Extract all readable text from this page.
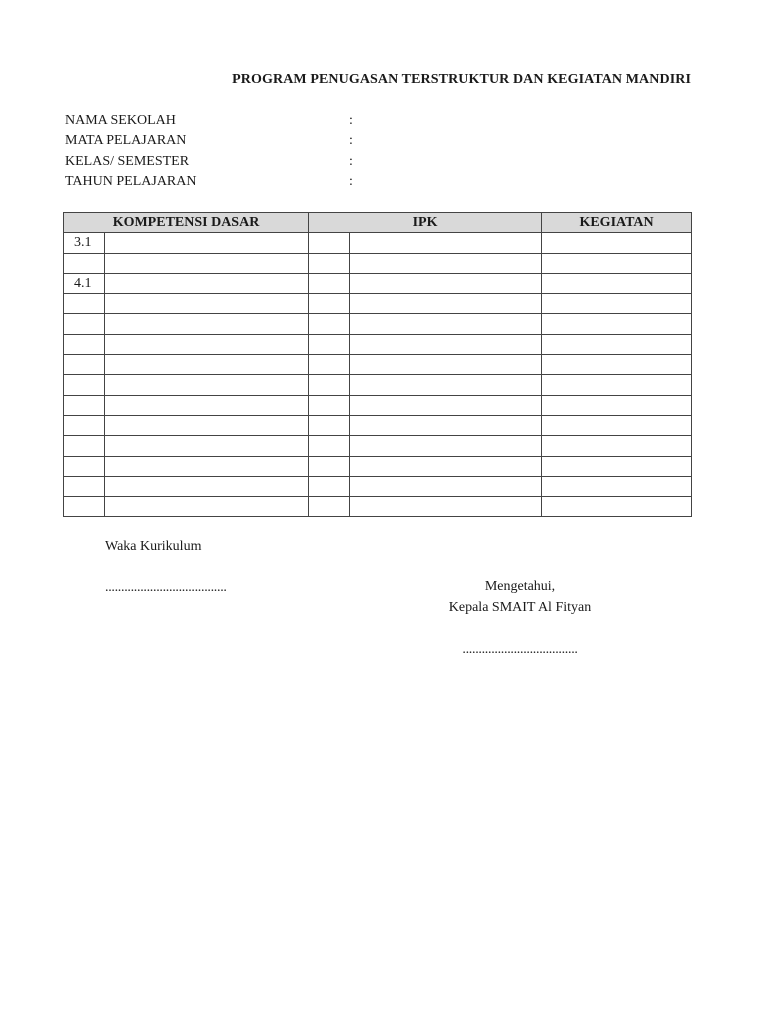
PROGRAM PENUGASAN TERSTRUKTUR DAN KEGIATAN MANDIRI
NAMA SEKOLAH	:
MATA PELAJARAN	:
KELAS/ SEMESTER	:
TAHUN PELAJARAN	:
KOMPETENSI DASAR		IPK		KEGIATAN
3.1				

4.1				

Waka Kurikulum
......................................	Mengetahui,
Kepala SMAIT Al Fityan
....................................
